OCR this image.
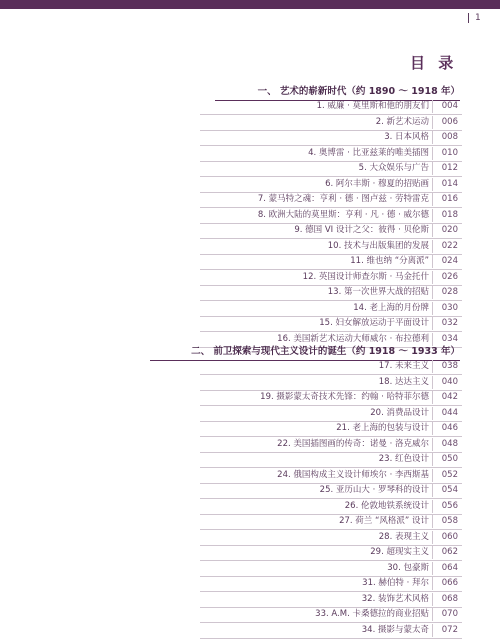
1
目 录
一、 艺术的崭新时代（约 1890 ～ 1918 年）
1. 威廉 · 莫里斯和他的朋友们	004
2. 新艺术运动	006
3. 日本风格	008
4. 奥博雷 · 比亚兹莱的唯美插图	010
5. 大众娱乐与广告	012
6. 阿尔丰斯 · 穆夏的招贴画	014
7. 蒙马特之魂：亨利 · 德 · 图卢兹 · 劳特雷克	016
8. 欧洲大陆的莫里斯：亨利 · 凡 · 德 · 威尔德	018
9. 德国 VI 设计之父：彼得 · 贝伦斯	020
10. 技术与出版集团的发展	022
11. 维也纳 “分离派”	024
12. 英国设计师查尔斯 · 马金托什	026
13. 第一次世界大战的招贴	028
14. 老上海的月份牌	030
15. 妇女解放运动于平面设计	032
16. 美国新艺术运动大师威尔 · 布拉德利	034
二、 前卫探索与现代主义设计的诞生（约 1918 ～ 1933 年）
17. 未来主义	038
18. 达达主义	040
19. 摄影蒙太奇技术先锋：约翰 · 哈特菲尔德	042
20. 消费品设计	044
21. 老上海的包装与设计	046
22. 美国插图画的传奇：诺曼 · 洛克威尔	048
23. 红色设计	050
24. 俄国构成主义设计师埃尔 · 李西斯基	052
25. 亚历山大 · 罗琴科的设计	054
26. 伦敦地铁系统设计	056
27. 荷兰 “风格派” 设计	058
28. 表现主义	060
29. 超现实主义	062
30. 包豪斯	064
31. 赫伯特 · 拜尔	066
32. 装饰艺术风格	068
33. A.M. 卡桑德拉的商业招贴	070
34. 摄影与蒙太奇	072
